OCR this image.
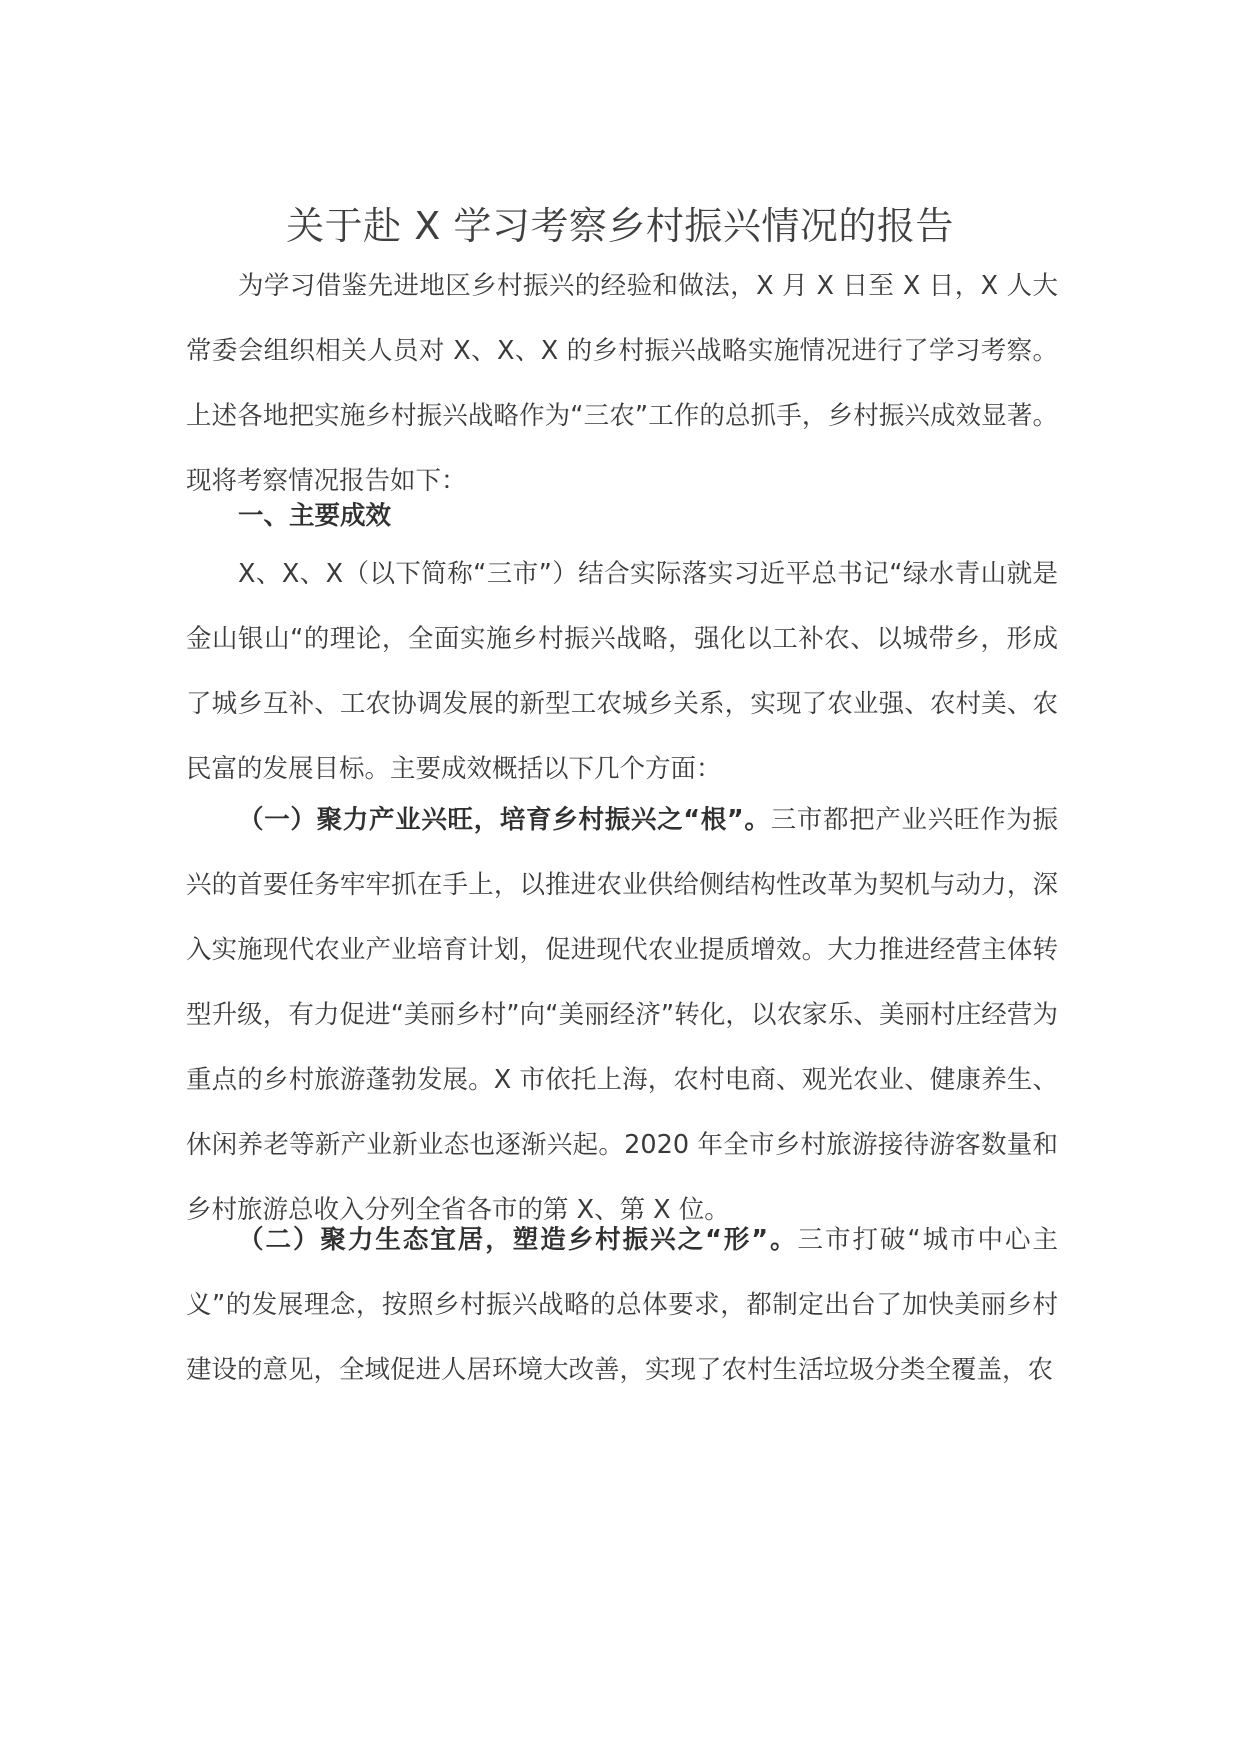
关于赴 X 学习考察乡村振兴情况的报告

为学习借鉴先进地区乡村振兴的经验和做法，X 月 X 日至 X 日，X 人大常委会组织相关人员对 X、X、X 的乡村振兴战略实施情况进行了学习考察。上述各地把实施乡村振兴战略作为“三农”工作的总抓手，乡村振兴成效显著。现将考察情况报告如下：

一、主要成效

X、X、X（以下简称“三市”）结合实际落实习近平总书记“绿水青山就是金山银山“的理论，全面实施乡村振兴战略，强化以工补农、以城带乡，形成了城乡互补、工农协调发展的新型工农城乡关系，实现了农业强、农村美、农民富的发展目标。主要成效概括以下几个方面：

（一）聚力产业兴旺，培育乡村振兴之“根”。三市都把产业兴旺作为振兴的首要任务牢牢抓在手上，以推进农业供给侧结构性改革为契机与动力，深入实施现代农业产业培育计划，促进现代农业提质增效。大力推进经营主体转型升级，有力促进“美丽乡村”向“美丽经济”转化，以农家乐、美丽村庄经营为重点的乡村旅游蓬勃发展。X 市依托上海，农村电商、观光农业、健康养生、休闲养老等新产业新业态也逐渐兴起。2020 年全市乡村旅游接待游客数量和乡村旅游总收入分列全省各市的第 X、第 X 位。

（二）聚力生态宜居，塑造乡村振兴之“形”。三市打破“城市中心主义”的发展理念，按照乡村振兴战略的总体要求，都制定出台了加快美丽乡村建设的意见，全域促进人居环境大改善，实现了农村生活垃圾分类全覆盖，农
